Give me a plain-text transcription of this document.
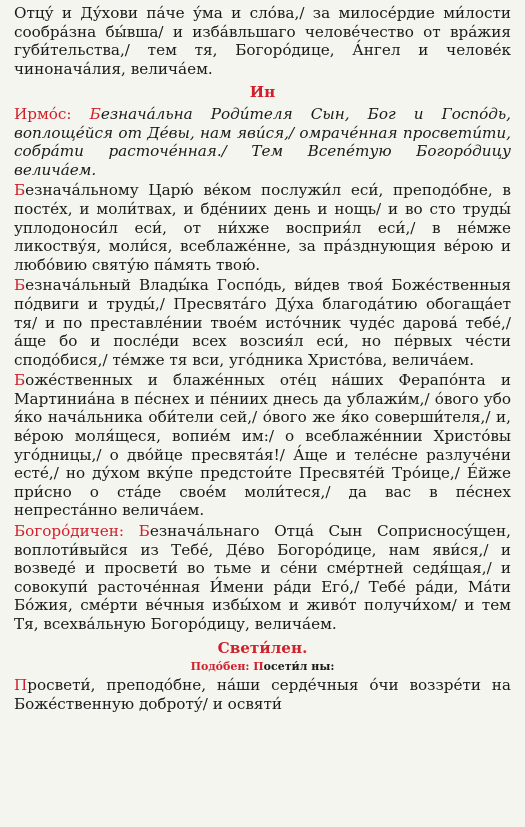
Отцу́ и Ду́хови па́че у́ма и сло́ва,/ за милосе́рдие ми́лости сообра́зна бы́вша/ и изба́вльшаго челове́чество от вра́жия губи́тельства,/ тем тя, Богоро́дице, А́нгел и челове́к чинонача́лия, велича́ем.

Ин

Ирмо́с: Безнача́льна Роди́теля Сын, Бог и Госпо́дь, воплоще́йся от Де́вы, нам яви́ся,/ омраче́нная просвети́ти, собра́ти расточе́нная./ Тем Всепе́тую Богоро́дицу велича́ем.

Безнача́льному Царю́ ве́ком послужи́л еси́, преподо́бне, в посте́х, и моли́твах, и бде́ниих день и нощь/ и во сто труды́ уплодоноси́л еси́, от ни́хже восприя́л еси́,/ в не́мже ликоству́я, моли́ся, всеблаже́нне, за пра́зднующия ве́рою и любо́вию святу́ю па́мять твою́.

Безнача́льный Влады́ка Госпо́дь, ви́дев твоя́ Боже́ственныя по́двиги и труды́,/ Пресвята́го Ду́ха благода́тию обогаща́ет тя/ и по преставле́нии твое́м исто́чник чуде́с дарова́ тебе́,/ а́ще бо и после́ди всех возсия́л еси́, но пе́рвых че́сти сподо́бися,/ те́мже тя вси, уго́дника Христо́ва, велича́ем.

Боже́ственных и блаже́нных оте́ц на́ших Ферапо́нта и Мартиниа́на в пе́снех и пе́ниих днесь да ублажи́м,/ о́вого убо я́ко нача́льника оби́тели сей,/ о́вого же я́ко соверши́теля,/ и, ве́рою моля́щеся, вопие́м им:/ о всеблаже́ннии Христо́вы уго́дницы,/ о дво́йце пресвята́я!/ А́ще и теле́сне разлуче́ни есте́,/ но ду́хом вку́пе предстои́те Пресвяте́й Тро́ице,/ Е́йже при́сно о ста́де свое́м моли́теся,/ да вас в пе́снех непреста́нно велича́ем.

Богоро́дичен: Безнача́льнаго Отца́ Сын Соприсносу́щен, воплоти́выйся из Тебе́, Де́во Богоро́дице, нам яви́ся,/ и возведе́ и просвети́ во тьме и се́ни сме́ртней седя́щая,/ и совокупи́ расточе́нная И́мени ра́ди Его́,/ Тебе́ ра́ди, Ма́ти Бо́жия, сме́рти ве́чныя избы́хом и живо́т получи́хом/ и тем Тя, всехва́льную Богоро́дицу, велича́ем.

Свети́лен.
Подо́бен: Посети́л ны:

Просвети́, преподо́бне, на́ши серде́чныя о́чи воззре́ти на Боже́ственную доброту́/ и освяти́
